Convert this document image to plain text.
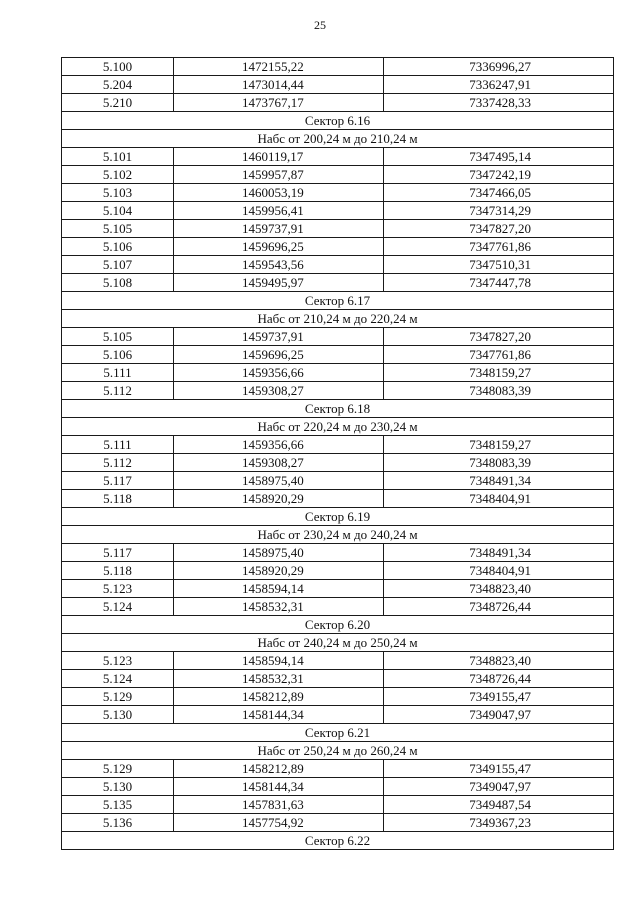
25
5.100	1472155,22	7336996,27
5.204	1473014,44	7336247,91
5.210	1473767,17	7337428,33
Сектор 6.16		
Набс от 200,24 м до 210,24 м		
5.101	1460119,17	7347495,14
5.102	1459957,87	7347242,19
5.103	1460053,19	7347466,05
5.104	1459956,41	7347314,29
5.105	1459737,91	7347827,20
5.106	1459696,25	7347761,86
5.107	1459543,56	7347510,31
5.108	1459495,97	7347447,78
Сектор 6.17		
Набс от 210,24 м до 220,24 м		
5.105	1459737,91	7347827,20
5.106	1459696,25	7347761,86
5.111	1459356,66	7348159,27
5.112	1459308,27	7348083,39
Сектор 6.18		
Набс от 220,24 м до 230,24 м		
5.111	1459356,66	7348159,27
5.112	1459308,27	7348083,39
5.117	1458975,40	7348491,34
5.118	1458920,29	7348404,91
Сектор 6.19		
Набс от 230,24 м до 240,24 м		
5.117	1458975,40	7348491,34
5.118	1458920,29	7348404,91
5.123	1458594,14	7348823,40
5.124	1458532,31	7348726,44
Сектор 6.20		
Набс от 240,24 м до 250,24 м		
5.123	1458594,14	7348823,40
5.124	1458532,31	7348726,44
5.129	1458212,89	7349155,47
5.130	1458144,34	7349047,97
Сектор 6.21		
Набс от 250,24 м до 260,24 м		
5.129	1458212,89	7349155,47
5.130	1458144,34	7349047,97
5.135	1457831,63	7349487,54
5.136	1457754,92	7349367,23
Сектор 6.22		
